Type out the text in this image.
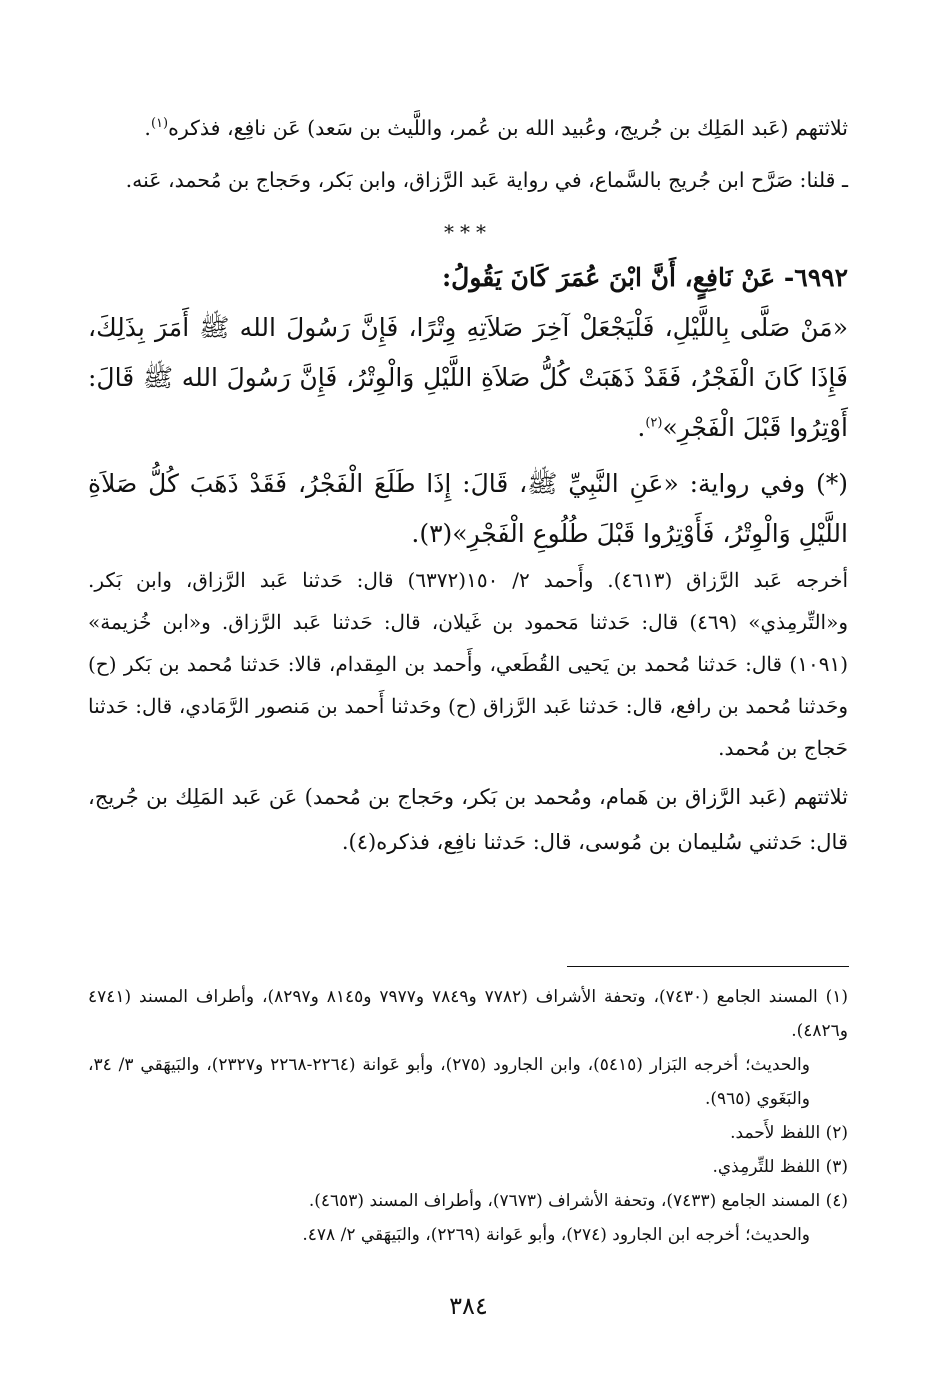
ثلاثتهم (عَبد المَلِك بن جُريج، وعُبيد الله بن عُمر، واللَّيث بن سَعد) عَن نافِع، فذكره$^{(١)}$.

ـ قلنا: صَرَّح ابن جُريج بالسَّماع، في رواية عَبد الرَّزاق، وابن بَكر، وحَجاج بن مُحمد، عَنه.

***

٦٩٩٢- عَنْ نَافِعٍ، أَنَّ ابْنَ عُمَرَ كَانَ يَقُولُ:

«مَنْ صَلَّى بِاللَّيْلِ، فَلْيَجْعَلْ آخِرَ صَلاَتِهِ وِتْرًا، فَإِنَّ رَسُولَ الله ﷺ أَمَرَ بِذَلِكَ، فَإِذَا كَانَ الْفَجْرُ، فَقَدْ ذَهَبَتْ كُلُّ صَلاَةِ اللَّيْلِ وَالْوِتْرُ، فَإِنَّ رَسُولَ الله ﷺ قَالَ: أَوْتِرُوا قَبْلَ الْفَجْرِ»$^{(٢)}$.

(*) وفي رواية: «عَنِ النَّبِيِّ ﷺ، قَالَ: إِذَا طَلَعَ الْفَجْرُ، فَقَدْ ذَهَبَ كُلُّ صَلاَةِ اللَّيْلِ وَالْوِتْرُ، فَأَوْتِرُوا قَبْلَ طُلُوعِ الْفَجْرِ»(٣).

أخرجه عَبد الرَّزاق (٤٦١٣). وأَحمد ٢/ ١٥٠(٦٣٧٢) قال: حَدثنا عَبد الرَّزاق، وابن بَكر. و«التِّرمِذي» (٤٦٩) قال: حَدثنا مَحمود بن غَيلان، قال: حَدثنا عَبد الرَّزاق. و«ابن خُزيمة» (١٠٩١) قال: حَدثنا مُحمد بن يَحيى القُطَعي، وأَحمد بن المِقدام، قالا: حَدثنا مُحمد بن بَكر (ح) وحَدثنا مُحمد بن رافع، قال: حَدثنا عَبد الرَّزاق (ح) وحَدثنا أَحمد بن مَنصور الرَّمَادي، قال: حَدثنا حَجاج بن مُحمد.

ثلاثتهم (عَبد الرَّزاق بن هَمام، ومُحمد بن بَكر، وحَجاج بن مُحمد) عَن عَبد المَلِك بن جُريج، قال: حَدثني سُليمان بن مُوسى، قال: حَدثنا نافِع، فذكره(٤).

(١) المسند الجامع (٧٤٣٠)، وتحفة الأشراف (٧٧٨٢ و٧٨٤٩ و٧٩٧٧ و٨١٤٥ و٨٢٩٧)، وأطراف المسند (٤٧٤١ و٤٨٢٦).

والحديث؛ أخرجه البَزار (٥٤١٥)، وابن الجارود (٢٧٥)، وأبو عَوانة (٢٢٦٤-٢٢٦٨ و٢٣٢٧)، والبَيهَقي ٣/ ٣٤، والبَغَوي (٩٦٥).

(٢) اللفظ لأَحمد.

(٣) اللفظ للتِّرمِذي.

(٤) المسند الجامع (٧٤٣٣)، وتحفة الأشراف (٧٦٧٣)، وأطراف المسند (٤٦٥٣).

والحديث؛ أخرجه ابن الجارود (٢٧٤)، وأبو عَوانة (٢٢٦٩)، والبَيهَقي ٢/ ٤٧٨.

٣٨٤
